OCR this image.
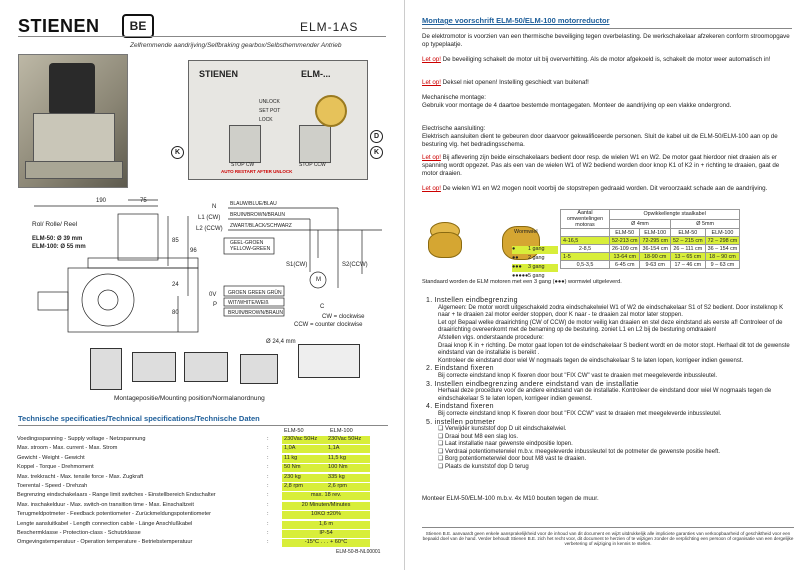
STIENEN	BE	ELM-1AS
Zelfremmende aandrijving/Selfbraking gearbox/Selbsthemmender Antrieb
STIENEN	ELM-...
UNLOCK
SET POT
LOCK
STOP CW	STOP CCW
AUTO RESTART AFTER UNLOCK
K	K
D
190	75
85
96
24
80
Rol/ Rolle/ Reel
ELM-50: Ø 39 mm
ELM-100: Ø 55 mm
N
L1 (CW)
L2 (CCW)
BLAUW/BLUE/BLAU
BRUIN/BROWN/BRAUN
ZWART/BLACK/SCHWARZ
GEEL-GROEN YELLOW-GREEN
S1(CW)	S2(CCW)
M
C
0V
P
GROEN GREEN GRÜN
WIT/WHITE/WEIß
BRUIN/BROWN/BRAUN
CW = clockwise
CCW = counter clockwise
Ø 24,4 mm
Montagepositie/Mounting position/Normalanordnung
Technische specificaties/Technical specifications/Technische Daten
ELM-50	ELM-100
Voedingsspanning - Supply voltage - Netzspannung	:	230Vac 50Hz	230Vac 50Hz
Max. stroom - Max. current - Max. Strom	:	1,0A	1,1A
Gewicht - Weight - Gewicht	:	11 kg	11,5 kg
Koppel - Torque - Drehmoment	:	50 Nm	100 Nm
Max. trekkracht - Max. tensile force - Max. Zugkraft	:	230 kg	335 kg
Toerental - Speed - Drehzah	:	2,8 rpm	2,6 rpm
Begrenzing eindschakelaars - Range limit switches - Einstellbereich Endschalter	:	max. 18 rev.
Max. inschakelduur - Max. switch-on transition time - Max. Einschaltzeit	:	20 Minuten/Minutes
Terugmeldpotmeter - Feedback potentiometer - Zurückmeldungspotentiometer	:	10KΩ ±20%
Lengte aansluitkabel - Length connection cable - Länge Anschlußkabel	:	1,6 m
Beschermklasse - Protection-class - Schutzklasse	:	IP-54
Omgevingstemperatuur - Operation temperature - Betriebstemperatuur	:	-15°C . . . + 60°C
ELM-50-B-NL00001
Montage voorschrift ELM-50/ELM-100 motorreductor
De elektromotor is voorzien van een thermische beveiliging tegen overbelasting. De werkschakelaar afzekeren conform stroomopgave op typeplaatje.
Let op! De beveiliging schakelt de motor uit bij oververhitting. Als de motor afgekoeld is, schakelt de motor weer automatisch in!
Let op! Deksel niet openen! Instelling geschiedt van buitenaf!
Mechanische montage:
Gebruik voor montage de 4 daartoe bestemde montagegaten. Monteer de aandrijving op een vlakke ondergrond.
Electrische aansluiting:
Elektrisch aansluiten dient te gebeuren door daarvoor gekwalificeerde personen. Sluit de kabel uit de ELM-50/ELM-100 aan op de besturing vlg. het bedradingsschema.
Let op! Bij aflevering zijn beide einschakelaars bedient door resp. de wielen W1 en W2. De motor gaat hierdoor niet draaien als er spanning wordt opgezet. Pas als een van de wielen W1 of W2 bediend worden door knop K1 of K2 in + richting te draaien, gaat de motor draaien.
Let op! De wielen W1 en W2 mogen nooit voorbij de stopstrepen gedraaid worden. Dit veroorzaakt schade aan de aandrijving.
Aantal omwentelingen motoras	Opwikkellengte staalkabel			
	Ø 4mm		Ø 5mm	
	ELM-50	ELM-100	ELM-50	ELM-100
4-16,5	52-213 cm	72-295 cm	52 – 215 cm	72 – 298 cm
2-8,5	26-109 cm	36-154 cm	26 – 111 cm	36 – 154 cm
1-5	13-64 cm	18-90 cm	13 – 65 cm	18 – 90 cm
0,5-3,5	6-45 cm	9-63 cm	17 – 46 cm	9 – 63 cm
Wormwiel
Standaard worden de ELM motoren met een 3 gang (●●●) wormwiel uitgeleverd.
1. Instellen eindbegrenzing
Algemeen: De motor wordt uitgeschakeld zodra eindschakelwiel W1 of W2 de eindschakelaar S1 of S2 bedient. Door instelknop K naar + te draaien zal motor eerder stoppen, door K naar - te draaien zal motor later stoppen.
Let op! Bepaal welke draairichting (CW of CCW) de motor veilig kan draaien en stel deze eindstand als eerste af! Controleer of de draairichting overeenkomt met de benaming op de besturing. zoniet L1 en L2 bij de besturing omdraaien!
Afstellen vlgs. onderstaande procedure:
Draai knop K in + richting. De motor gaat lopen tot de eindschakelaar S bedient wordt en de motor stopt. Herhaal dit tot de gewenste eindstand van de installatie is bereikt .
Kontroleer de eindstand door wiel W nogmaals tegen de eindschakelaar S te laten lopen, korrigeer indien gewenst.
2. Eindstand fixeren
Bij correcte eindstand knop K fixeren door bout "FIX CW" vast te draaien met meegeleverde inbussleutel.
3. Instellen eindbegrenzing andere eindstand van de installatie
Herhaal deze procedure voor de andere eindstand van de installatie. Kontroleer de eindstand door wiel W nogmaals tegen de eindschakelaar S te laten lopen, korrigeer indien gewenst.
4. Eindstand fixeren
Bij correcte eindstand knop K fixeren door bout "FIX CCW" vast te draaien met meegeleverde inbussleutel.
5. instellen potmeter
❑ Verwijder kunststof dop D uit eindschakelwiel.
❑ Draai bout M8 een slag los.
❑ Laat installatie naar gewenste eindpositie lopen.
❑ Verdraai potentiometerwiel m.b.v. meegeleverde inbussleutel tot de potmeter de gewenste positie heeft.
❑ Borg potentiometerwiel door bout M8 vast te draaien.
❑ Plaats de kunststof dop D terug
Monteer ELM-50/ELM-100 m.b.v. 4x M10 bouten tegen de muur.
Stienen B.E. aanvaardt geen enkele aansprakelijkheid voor de inhoud van dit document en wijzt uitdrukkelijk alle impliciete garanties van verkoopbaarheid of geschiktheid voor een bepaald doel van de hand. Verder behoudt Stienen B.E. zich het recht voor, dit document te herzien of te wijzigen zonder de verplichting een persoon of organisatie van een dergelijke verbetering of wijziging in kennis te stellen.
● 1 gang
●● 2 gang
●●● 3 gang
●●●●●5 gang
